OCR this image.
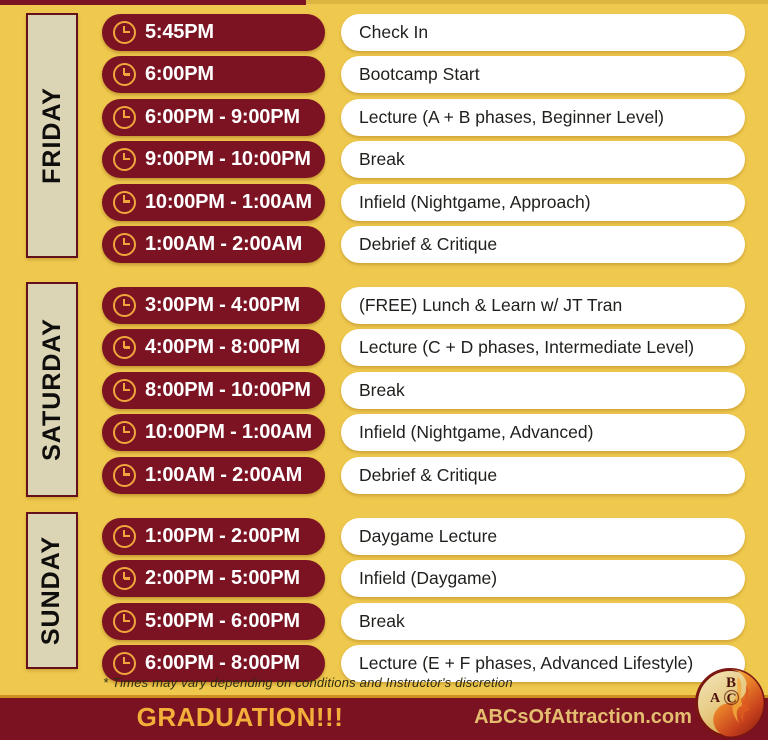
FRIDAY
5:45PM	Check In
6:00PM	Bootcamp Start
6:00PM - 9:00PM	Lecture (A + B phases, Beginner Level)
9:00PM - 10:00PM	Break
10:00PM - 1:00AM	Infield (Nightgame, Approach)
1:00AM - 2:00AM	Debrief & Critique
SATURDAY
3:00PM - 4:00PM	(FREE) Lunch & Learn w/ JT Tran
4:00PM - 8:00PM	Lecture (C + D phases, Intermediate Level)
8:00PM - 10:00PM	Break
10:00PM - 1:00AM	Infield (Nightgame, Advanced)
1:00AM - 2:00AM	Debrief & Critique
SUNDAY	1:00PM - 2:00PM	Daygame Lecture
2:00PM - 5:00PM	Infield (Daygame)
5:00PM - 6:00PM	Break
6:00PM - 8:00PM	Lecture (E + F phases, Advanced Lifestyle)
* Times may vary depending on conditions and Instructor's discretion
GRADUATION!!!	ABCsOfAttraction.com
B
A C
